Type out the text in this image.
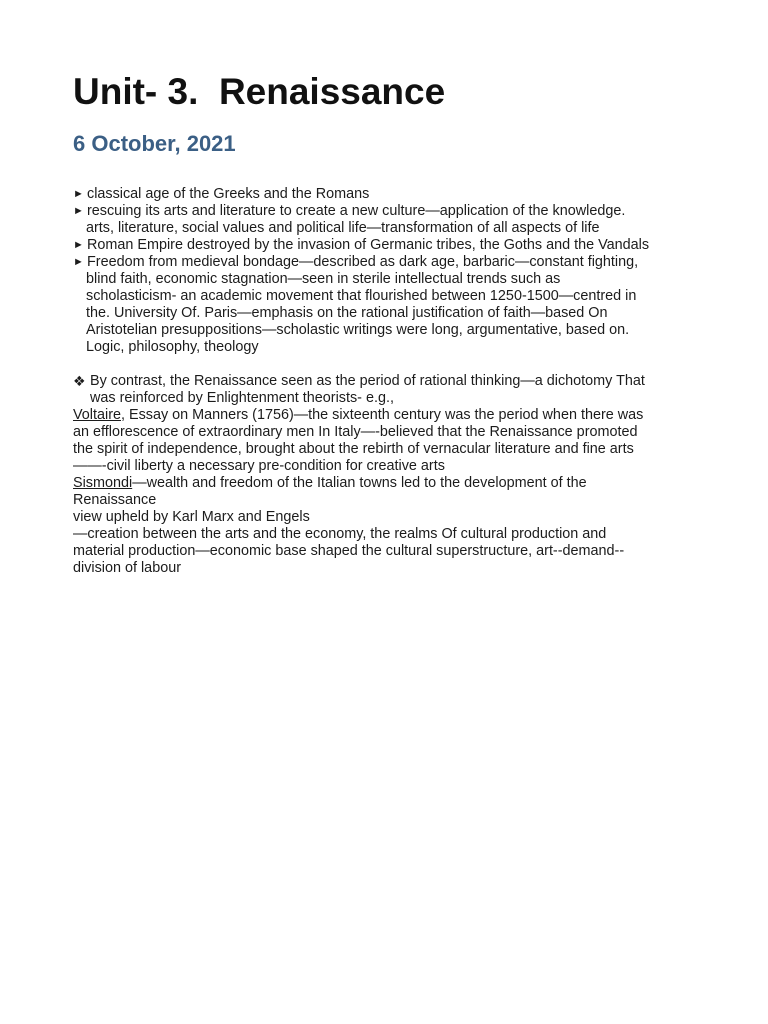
Unit- 3.  Renaissance
6 October, 2021
► classical age of the Greeks and the Romans
► rescuing its arts and literature to create a new culture—application of the knowledge.
arts, literature, social values and political life—transformation of all aspects of life
► Roman Empire destroyed by the invasion of Germanic tribes, the Goths and the Vandals
► Freedom from medieval bondage—described as dark age, barbaric—constant fighting,
blind faith, economic stagnation—seen in sterile intellectual trends such as
scholasticism- an academic movement that flourished between 1250-1500—centred in
the. University Of. Paris—emphasis on the rational justification of faith—based On
Aristotelian presuppositions—scholastic writings were long, argumentative, based on.
Logic, philosophy, theology
❖ By contrast, the Renaissance seen as the period of rational thinking—a dichotomy That
was reinforced by Enlightenment theorists- e.g.,
Voltaire, Essay on Manners (1756)—the sixteenth century was the period when there was
an efflorescence of extraordinary men In Italy—-believed that the Renaissance promoted
the spirit of independence, brought about the rebirth of vernacular literature and fine arts
——-civil liberty a necessary pre-condition for creative arts
Sismondi—wealth and freedom of the Italian towns led to the development of the
Renaissance
view upheld by Karl Marx and Engels
—creation between the arts and the economy, the realms Of cultural production and
material production—economic base shaped the cultural superstructure, art--demand--
division of labour
